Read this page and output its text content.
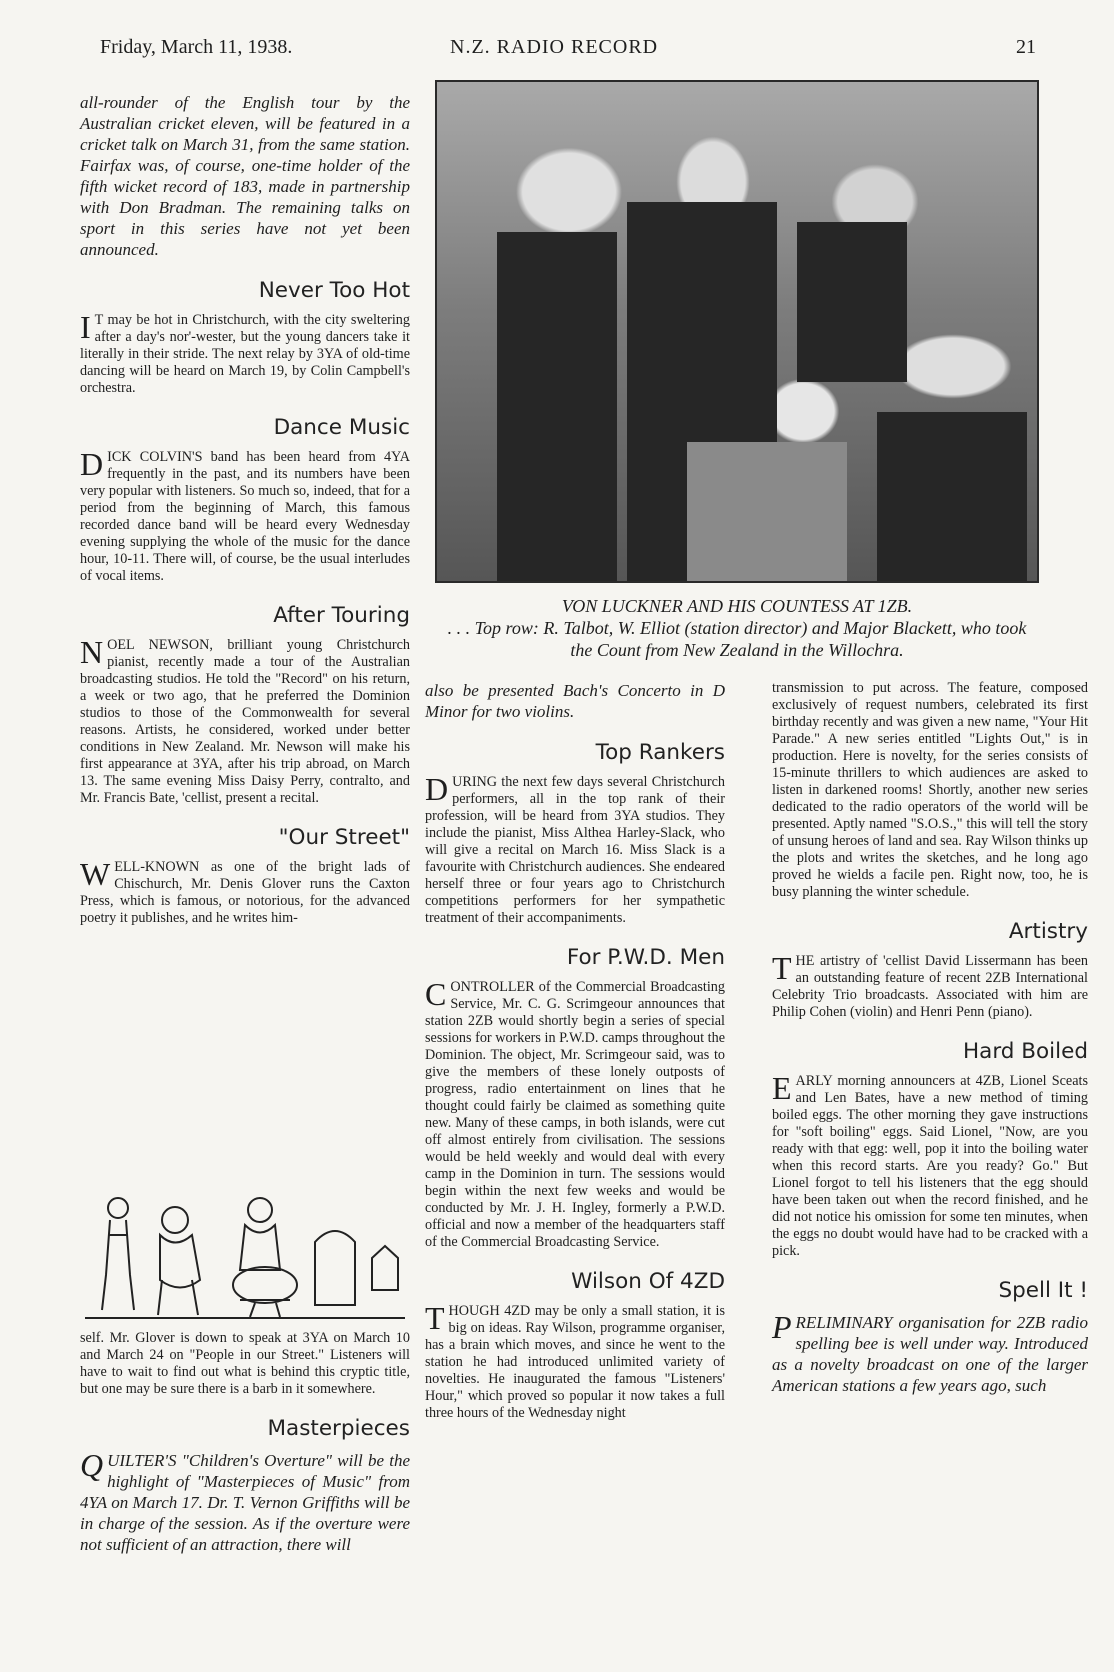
Friday, March 11, 1938.	N.Z. RADIO RECORD	21

all-rounder of the English tour by the Australian cricket eleven, will be featured in a cricket talk on March 31, from the same station. Fairfax was, of course, one-time holder of the fifth wicket record of 183, made in partnership with Don Bradman. The remaining talks on sport in this series have not yet been announced.

Never Too Hot

I T may be hot in Christchurch, with the city sweltering after a day's nor'-wester, but the young dancers take it literally in their stride. The next relay by 3YA of old-time dancing will be heard on March 19, by Colin Campbell's orchestra.

Dance Music

DICK COLVIN'S band has been heard from 4YA frequently in the past, and its numbers have been very popular with listeners. So much so, indeed, that for a period from the beginning of March, this famous recorded dance band will be heard every Wednesday evening supplying the whole of the music for the dance hour, 10-11. There will, of course, be the usual interludes of vocal items.

After Touring

NOEL NEWSON, brilliant young Christchurch pianist, recently made a tour of the Australian broadcasting studios. He told the "Record" on his return, a week or two ago, that he preferred the Dominion studios to those of the Commonwealth for several reasons. Artists, he considered, worked under better conditions in New Zealand. Mr. Newson will make his first appearance at 3YA, after his trip abroad, on March 13. The same evening Miss Daisy Perry, contralto, and Mr. Francis Bate, 'cellist, present a recital.

"Our Street"

WELL-KNOWN as one of the bright lads of Chischurch, Mr. Denis Glover runs the Caxton Press, which is famous, or notorious, for the advanced poetry it publishes, and he writes him-

self. Mr. Glover is down to speak at 3YA on March 10 and March 24 on "People in our Street." Listeners will have to wait to find out what is behind this cryptic title, but one may be sure there is a barb in it somewhere.

Masterpieces

QUILTER'S "Children's Overture" will be the highlight of "Masterpieces of Music" from 4YA on March 17. Dr. T. Vernon Griffiths will be in charge of the session. As if the overture were not sufficient of an attraction, there will

VON LUCKNER AND HIS COUNTESS AT 1ZB.
. . . Top row: R. Talbot, W. Elliot (station director) and Major Blackett, who took the Count from New Zealand in the Willochra.

also be presented Bach's Concerto in D Minor for two violins.

Top Rankers

DURING the next few days several Christchurch performers, all in the top rank of their profession, will be heard from 3YA studios. They include the pianist, Miss Althea Harley-Slack, who will give a recital on March 16. Miss Slack is a favourite with Christchurch audiences. She endeared herself three or four years ago to Christchurch competitions performers for her sympathetic treatment of their accompaniments.

For P.W.D. Men

CONTROLLER of the Commercial Broadcasting Service, Mr. C. G. Scrimgeour announces that station 2ZB would shortly begin a series of special sessions for workers in P.W.D. camps throughout the Dominion. The object, Mr. Scrimgeour said, was to give the members of these lonely outposts of progress, radio entertainment on lines that he thought could fairly be claimed as something quite new. Many of these camps, in both islands, were cut off almost entirely from civilisation. The sessions would be held weekly and would deal with every camp in the Dominion in turn. The sessions would begin within the next few weeks and would be conducted by Mr. J. H. Ingley, formerly a P.W.D. official and now a member of the headquarters staff of the Commercial Broadcasting Service.

Wilson Of 4ZD

THOUGH 4ZD may be only a small station, it is big on ideas. Ray Wilson, programme organiser, has a brain which moves, and since he went to the station he had introduced unlimited variety of novelties. He inaugurated the famous "Listeners' Hour," which proved so popular it now takes a full three hours of the Wednesday night

transmission to put across. The feature, composed exclusively of request numbers, celebrated its first birthday recently and was given a new name, "Your Hit Parade." A new series entitled "Lights Out," is in production. Here is novelty, for the series consists of 15-minute thrillers to which audiences are asked to listen in darkened rooms! Shortly, another new series dedicated to the radio operators of the world will be presented. Aptly named "S.O.S.," this will tell the story of unsung heroes of land and sea. Ray Wilson thinks up the plots and writes the sketches, and he long ago proved he wields a facile pen. Right now, too, he is busy planning the winter schedule.

Artistry

THE artistry of 'cellist David Lissermann has been an outstanding feature of recent 2ZB International Celebrity Trio broadcasts. Associated with him are Philip Cohen (violin) and Henri Penn (piano).

Hard Boiled

EARLY morning announcers at 4ZB, Lionel Sceats and Len Bates, have a new method of timing boiled eggs. The other morning they gave instructions for "soft boiling" eggs. Said Lionel, "Now, are you ready with that egg: well, pop it into the boiling water when this record starts. Are you ready? Go." But Lionel forgot to tell his listeners that the egg should have been taken out when the record finished, and he did not notice his omission for some ten minutes, when the eggs no doubt would have had to be cracked with a pick.

Spell It !

PRELIMINARY organisation for 2ZB radio spelling bee is well under way. Introduced as a novelty broadcast on one of the larger American stations a few years ago, such
